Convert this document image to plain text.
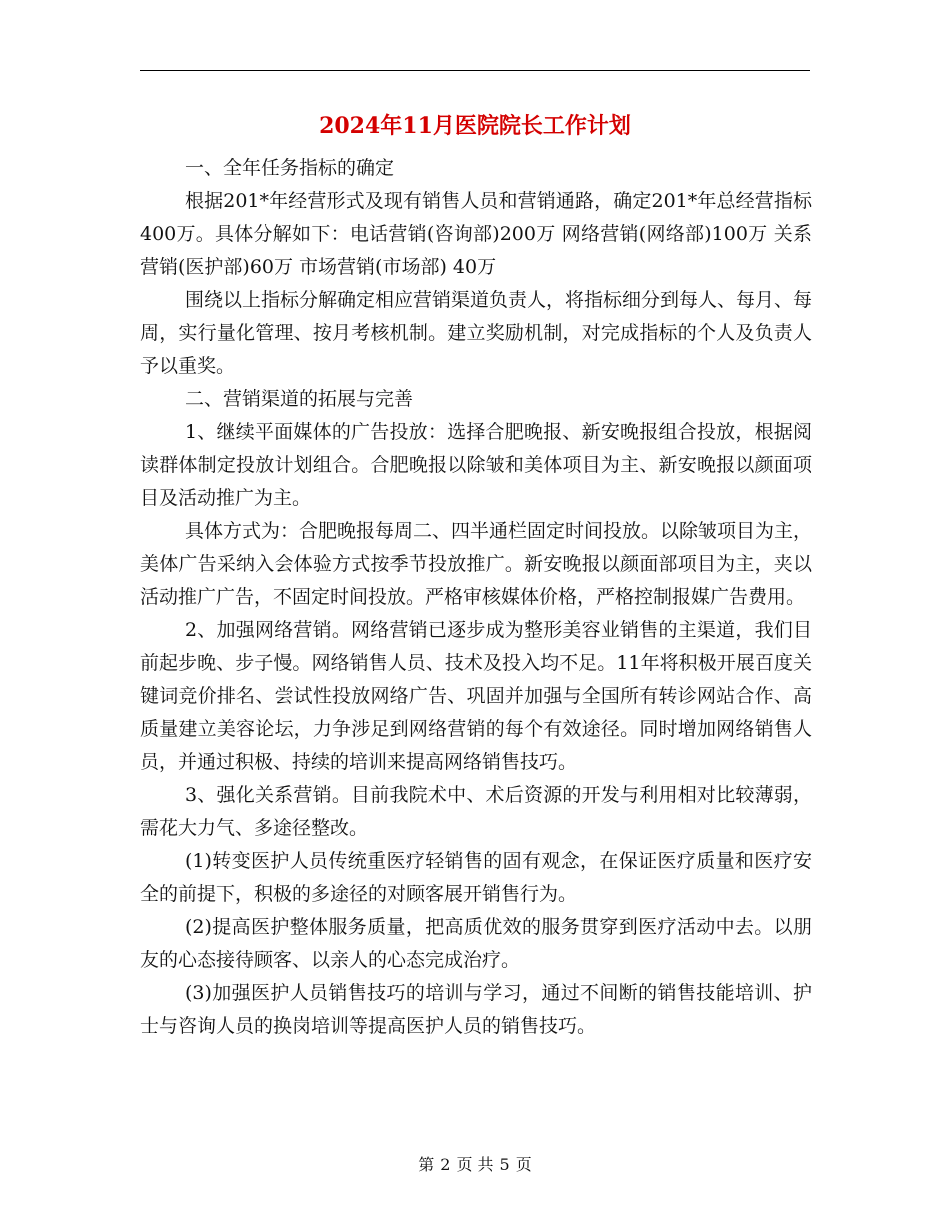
2024年11月医院院长工作计划

一、全年任务指标的确定

根据201*年经营形式及现有销售人员和营销通路，确定201*年总经营指标400万。具体分解如下：电话营销(咨询部)200万 网络营销(网络部)100万 关系营销(医护部)60万 市场营销(市场部) 40万

围绕以上指标分解确定相应营销渠道负责人，将指标细分到每人、每月、每周，实行量化管理、按月考核机制。建立奖励机制，对完成指标的个人及负责人予以重奖。

二、营销渠道的拓展与完善

1、继续平面媒体的广告投放：选择合肥晚报、新安晚报组合投放，根据阅读群体制定投放计划组合。合肥晚报以除皱和美体项目为主、新安晚报以颜面项目及活动推广为主。

具体方式为：合肥晚报每周二、四半通栏固定时间投放。以除皱项目为主，美体广告采纳入会体验方式按季节投放推广。新安晚报以颜面部项目为主，夹以活动推广广告，不固定时间投放。严格审核媒体价格，严格控制报媒广告费用。

2、加强网络营销。网络营销已逐步成为整形美容业销售的主渠道，我们目前起步晚、步子慢。网络销售人员、技术及投入均不足。11年将积极开展百度关键词竞价排名、尝试性投放网络广告、巩固并加强与全国所有转诊网站合作、高质量建立美容论坛，力争涉足到网络营销的每个有效途径。同时增加网络销售人员，并通过积极、持续的培训来提高网络销售技巧。

3、强化关系营销。目前我院术中、术后资源的开发与利用相对比较薄弱，需花大力气、多途径整改。

(1)转变医护人员传统重医疗轻销售的固有观念，在保证医疗质量和医疗安全的前提下，积极的多途径的对顾客展开销售行为。

(2)提高医护整体服务质量，把高质优效的服务贯穿到医疗活动中去。以朋友的心态接待顾客、以亲人的心态完成治疗。

(3)加强医护人员销售技巧的培训与学习，通过不间断的销售技能培训、护士与咨询人员的换岗培训等提高医护人员的销售技巧。

第 2 页 共 5 页
